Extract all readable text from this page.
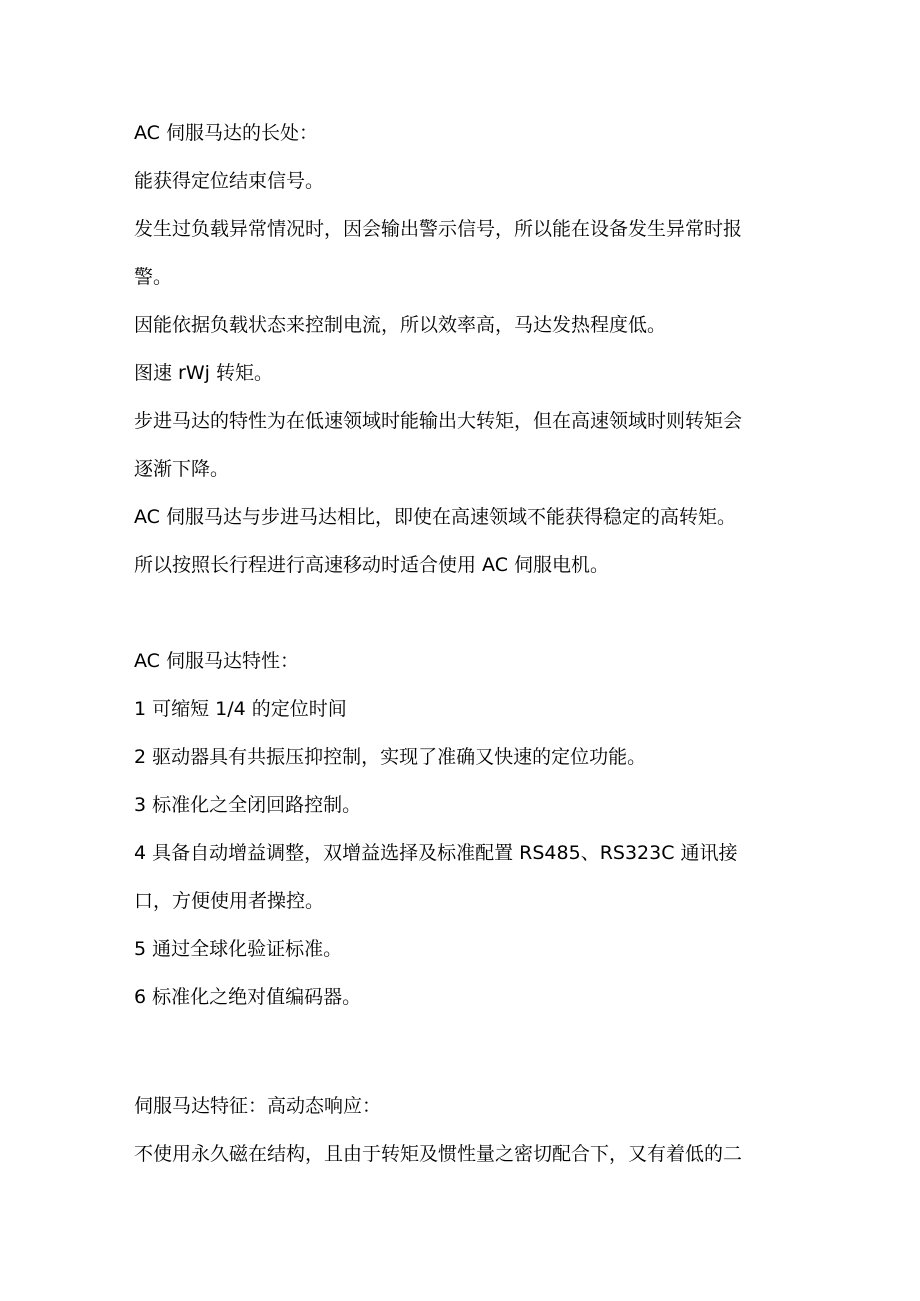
AC 伺服马达的长处：

能获得定位结束信号。

发生过负载异常情况时，因会输出警示信号，所以能在设备发生异常时报

警。

因能依据负载状态来控制电流，所以效率高，马达发热程度低。

图速 rWj 转矩。

步进马达的特性为在低速领域时能输出大转矩，但在高速领域时则转矩会

逐渐下降。

AC 伺服马达与步进马达相比，即使在高速领域不能获得稳定的高转矩。

所以按照长行程进行高速移动时适合使用 AC 伺服电机。

AC 伺服马达特性：

1 可缩短 1/4 的定位时间

2 驱动器具有共振压抑控制，实现了准确又快速的定位功能。

3 标准化之全闭回路控制。

4 具备自动增益调整，双增益选择及标准配置 RS485、RS323C 通讯接

口，方便使用者操控。

5 通过全球化验证标准。

6 标准化之绝对值编码器。

伺服马达特征：高动态响应：

不使用永久磁在结构，且由于转矩及惯性量之密切配合下，又有着低的二
